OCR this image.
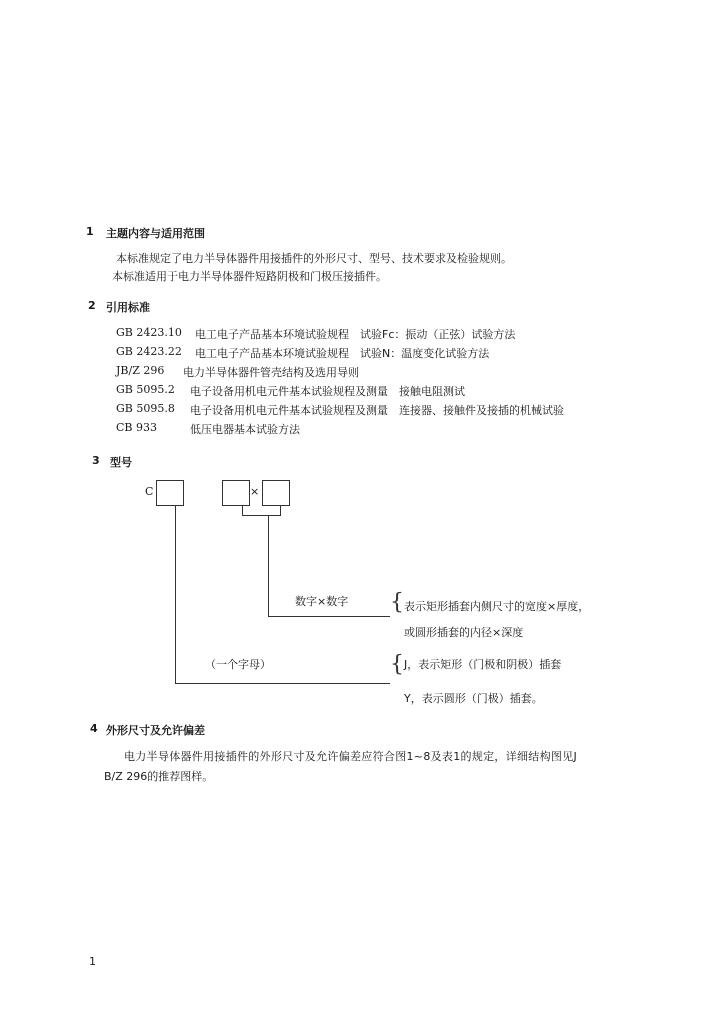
1 主题内容与适用范围
本标准规定了电力半导体器件用接插件的外形尺寸、型号、技术要求及检验规则。
本标准适用于电力半导体器件短路阴极和门极压接插件。
2 引用标准
GB 2423.10 电工电子产品基本环境试验规程　试验Fc：振动（正弦）试验方法
GB 2423.22 电工电子产品基本环境试验规程　试验N：温度变化试验方法
JB/Z 296 电力半导体器件管壳结构及选用导则
GB 5095.2 电子设备用机电元件基本试验规程及测量　接触电阻测试
GB 5095.8 电子设备用机电元件基本试验规程及测量　连接器、接触件及接插的机械试验
CB 933	低压电器基本试验方法
3 型号
C	×
数字×数字
（一个字母）
{
{
表示矩形插套内侧尺寸的宽度×厚度，
或圆形插套的内径×深度
J，表示矩形（门极和阴极）插套
Y，表示圆形（门极）插套。
4 外形尺寸及允许偏差
电力半导体器件用接插件的外形尺寸及允许偏差应符合图1~8及表1的规定，详细结构图见J
B/Z 296的推荐图样。
1
